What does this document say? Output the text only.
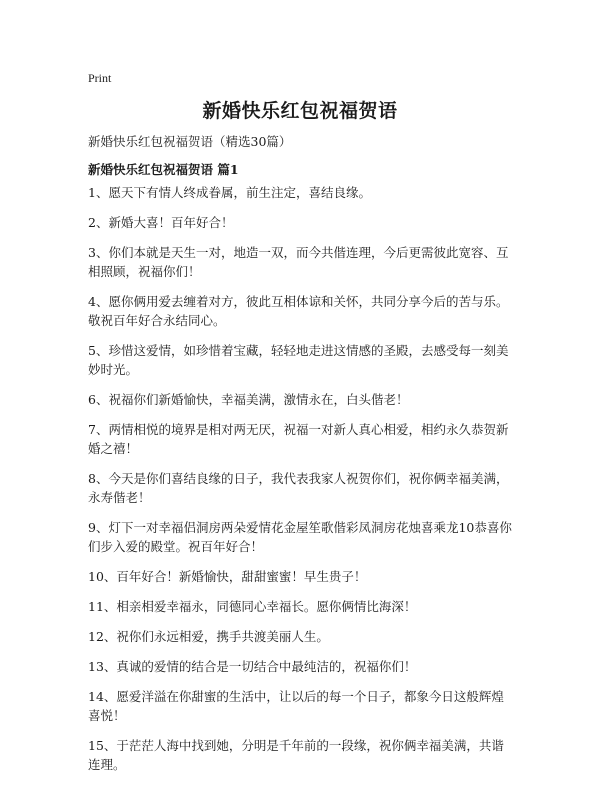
Print
新婚快乐红包祝福贺语
新婚快乐红包祝福贺语（精选30篇）
新婚快乐红包祝福贺语 篇1
1、愿天下有情人终成眷属，前生注定，喜结良缘。
2、新婚大喜！百年好合！
3、你们本就是天生一对，地造一双，而今共偕连理，今后更需彼此宽容、互相照顾，祝福你们！
4、愿你俩用爱去缠着对方，彼此互相体谅和关怀，共同分享今后的苦与乐。敬祝百年好合永结同心。
5、珍惜这爱情，如珍惜着宝藏，轻轻地走进这情感的圣殿，去感受每一刻美妙时光。
6、祝福你们新婚愉快，幸福美满，激情永在，白头偕老！
7、两情相悦的境界是相对两无厌，祝福一对新人真心相爱，相约永久恭贺新婚之禧！
8、今天是你们喜结良缘的日子，我代表我家人祝贺你们，祝你俩幸福美满，永寿偕老！
9、灯下一对幸福侣洞房两朵爱情花金屋笙歌偕彩凤洞房花烛喜乘龙10恭喜你们步入爱的殿堂。祝百年好合！
10、百年好合！新婚愉快，甜甜蜜蜜！早生贵子！
11、相亲相爱幸福永，同德同心幸福长。愿你俩情比海深！
12、祝你们永远相爱，携手共渡美丽人生。
13、真诚的爱情的结合是一切结合中最纯洁的，祝福你们！
14、愿爱洋溢在你甜蜜的生活中，让以后的每一个日子，都象今日这般辉煌喜悦！
15、于茫茫人海中找到她，分明是千年前的一段缘，祝你俩幸福美满，共谐连理。
